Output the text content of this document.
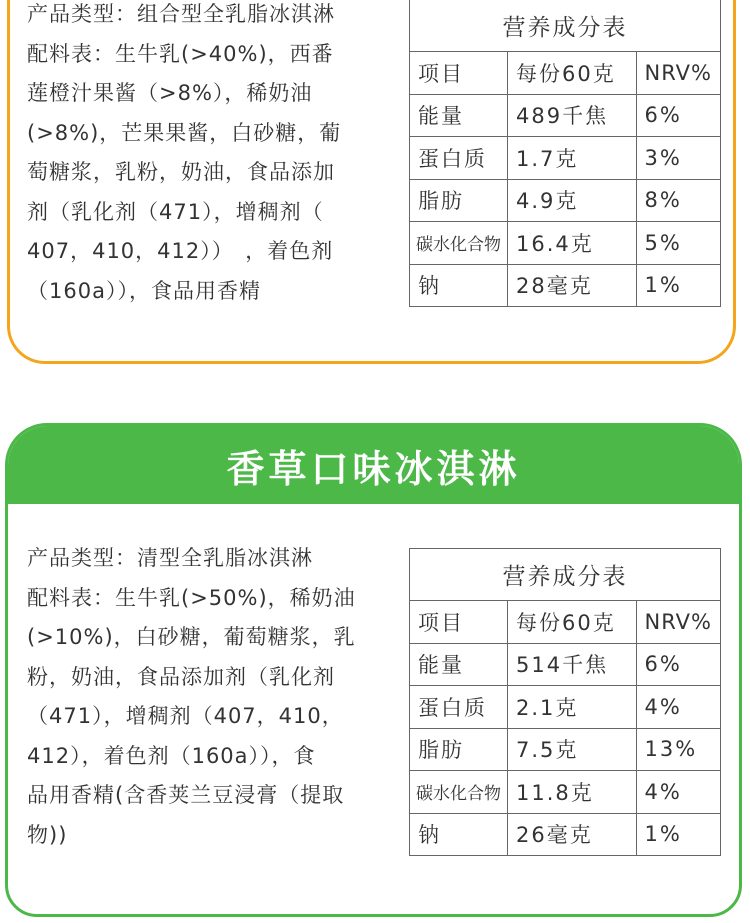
产品类型：组合型全乳脂冰淇淋

配料表：生牛乳(>40%)，西番

莲橙汁果酱（>8%），稀奶油

(>8%)，芒果果酱，白砂糖，葡

萄糖浆，乳粉，奶油，食品添加

剂（乳化剂（471），增稠剂（

407，410，412））　，着色剂

（160a）），食品用香精

营养成分表		
项目	每份60克	NRV%
能量	489千焦	6%
蛋白质	1.7克	3%
脂肪	4.9克	8%
碳水化合物	16.4克	5%
钠	28毫克	1%
香草口味冰淇淋

产品类型：清型全乳脂冰淇淋

配料表：生牛乳(>50%)，稀奶油

(>10%)，白砂糖，葡萄糖浆，乳

粉，奶油，食品添加剂（乳化剂

（471），增稠剂（407，410，

412），着色剂（160a）），食

品用香精(含香荚兰豆浸膏（提取

物))

营养成分表		
项目	每份60克	NRV%
能量	514千焦	6%
蛋白质	2.1克	4%
脂肪	7.5克	13%
碳水化合物	11.8克	4%
钠	26毫克	1%
